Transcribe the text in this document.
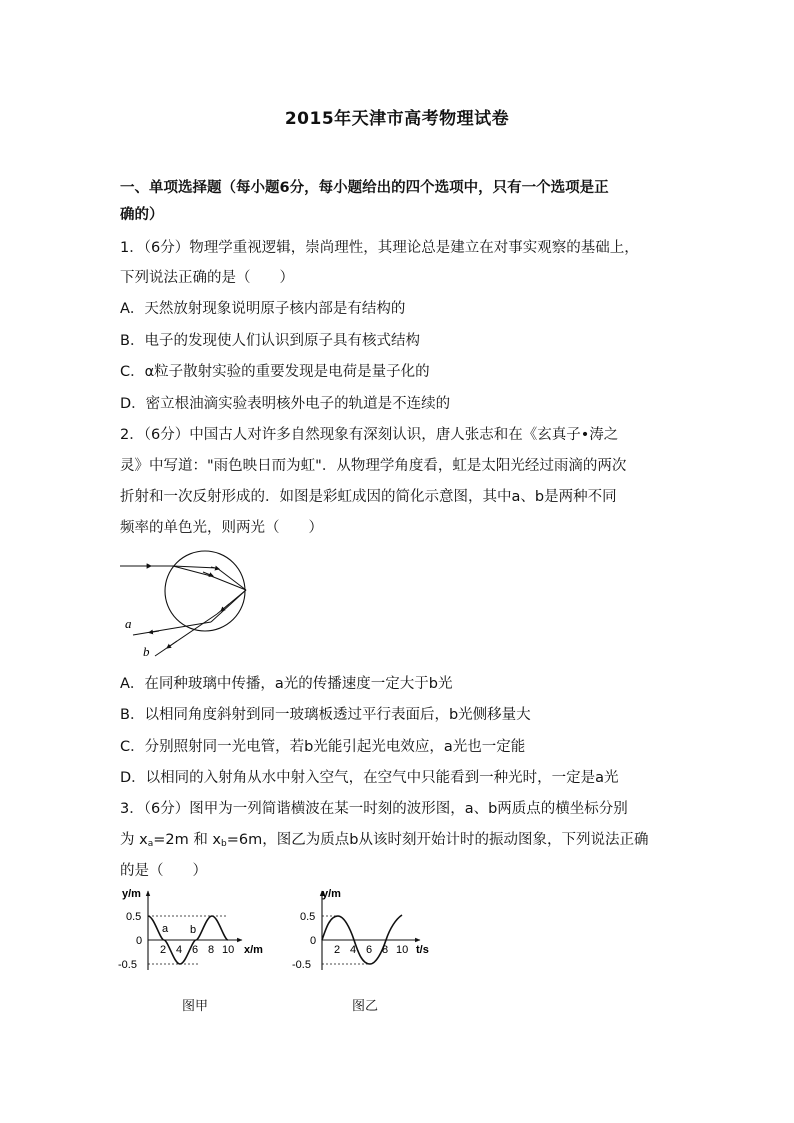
2015年天津市高考物理试卷
一、单项选择题（每小题6分，每小题给出的四个选项中，只有一个选项是正
确的）
1．（6分）物理学重视逻辑，崇尚理性，其理论总是建立在对事实观察的基础上，
下列说法正确的是（　　）
A．天然放射现象说明原子核内部是有结构的
B．电子的发现使人们认识到原子具有核式结构
C．α粒子散射实验的重要发现是电荷是量子化的
D．密立根油滴实验表明核外电子的轨道是不连续的
2．（6分）中国古人对许多自然现象有深刻认识，唐人张志和在《玄真子•涛之
灵》中写道："雨色映日而为虹"．从物理学角度看，虹是太阳光经过雨滴的两次
折射和一次反射形成的．如图是彩虹成因的简化示意图，其中a、b是两种不同
频率的单色光，则两光（　　）
a
b
A．在同种玻璃中传播，a光的传播速度一定大于b光
B．以相同角度斜射到同一玻璃板透过平行表面后，b光侧移量大
C．分别照射同一光电管，若b光能引起光电效应，a光也一定能
D．以相同的入射角从水中射入空气，在空气中只能看到一种光时，一定是a光
3．（6分）图甲为一列简谐横波在某一时刻的波形图，a、b两质点的横坐标分别
为 $x_a=2m$ 和 $x_b=6m$，图乙为质点b从该时刻开始计时的振动图象，下列说法正确
的是（　　）
y/m
0.5
0
-0.5
2 4 6 8 10 x/m
a b
图甲
y/m
0.5
0
-0.5
2 4 6 8 10 t/s
图乙
